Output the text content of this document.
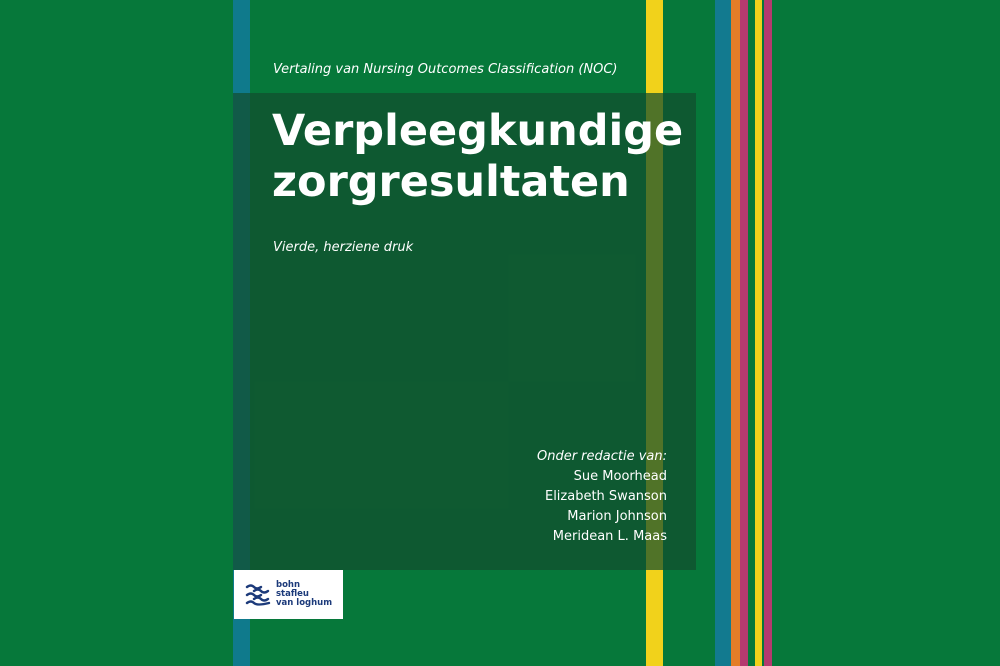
Vertaling van Nursing Outcomes Classification (NOC)
Verpleegkundige
zorgresultaten
Vierde, herziene druk
Onder redactie van:
Sue Moorhead
Elizabeth Swanson
Marion Johnson
Meridean L. Maas
bohn
stafleu
van loghum
